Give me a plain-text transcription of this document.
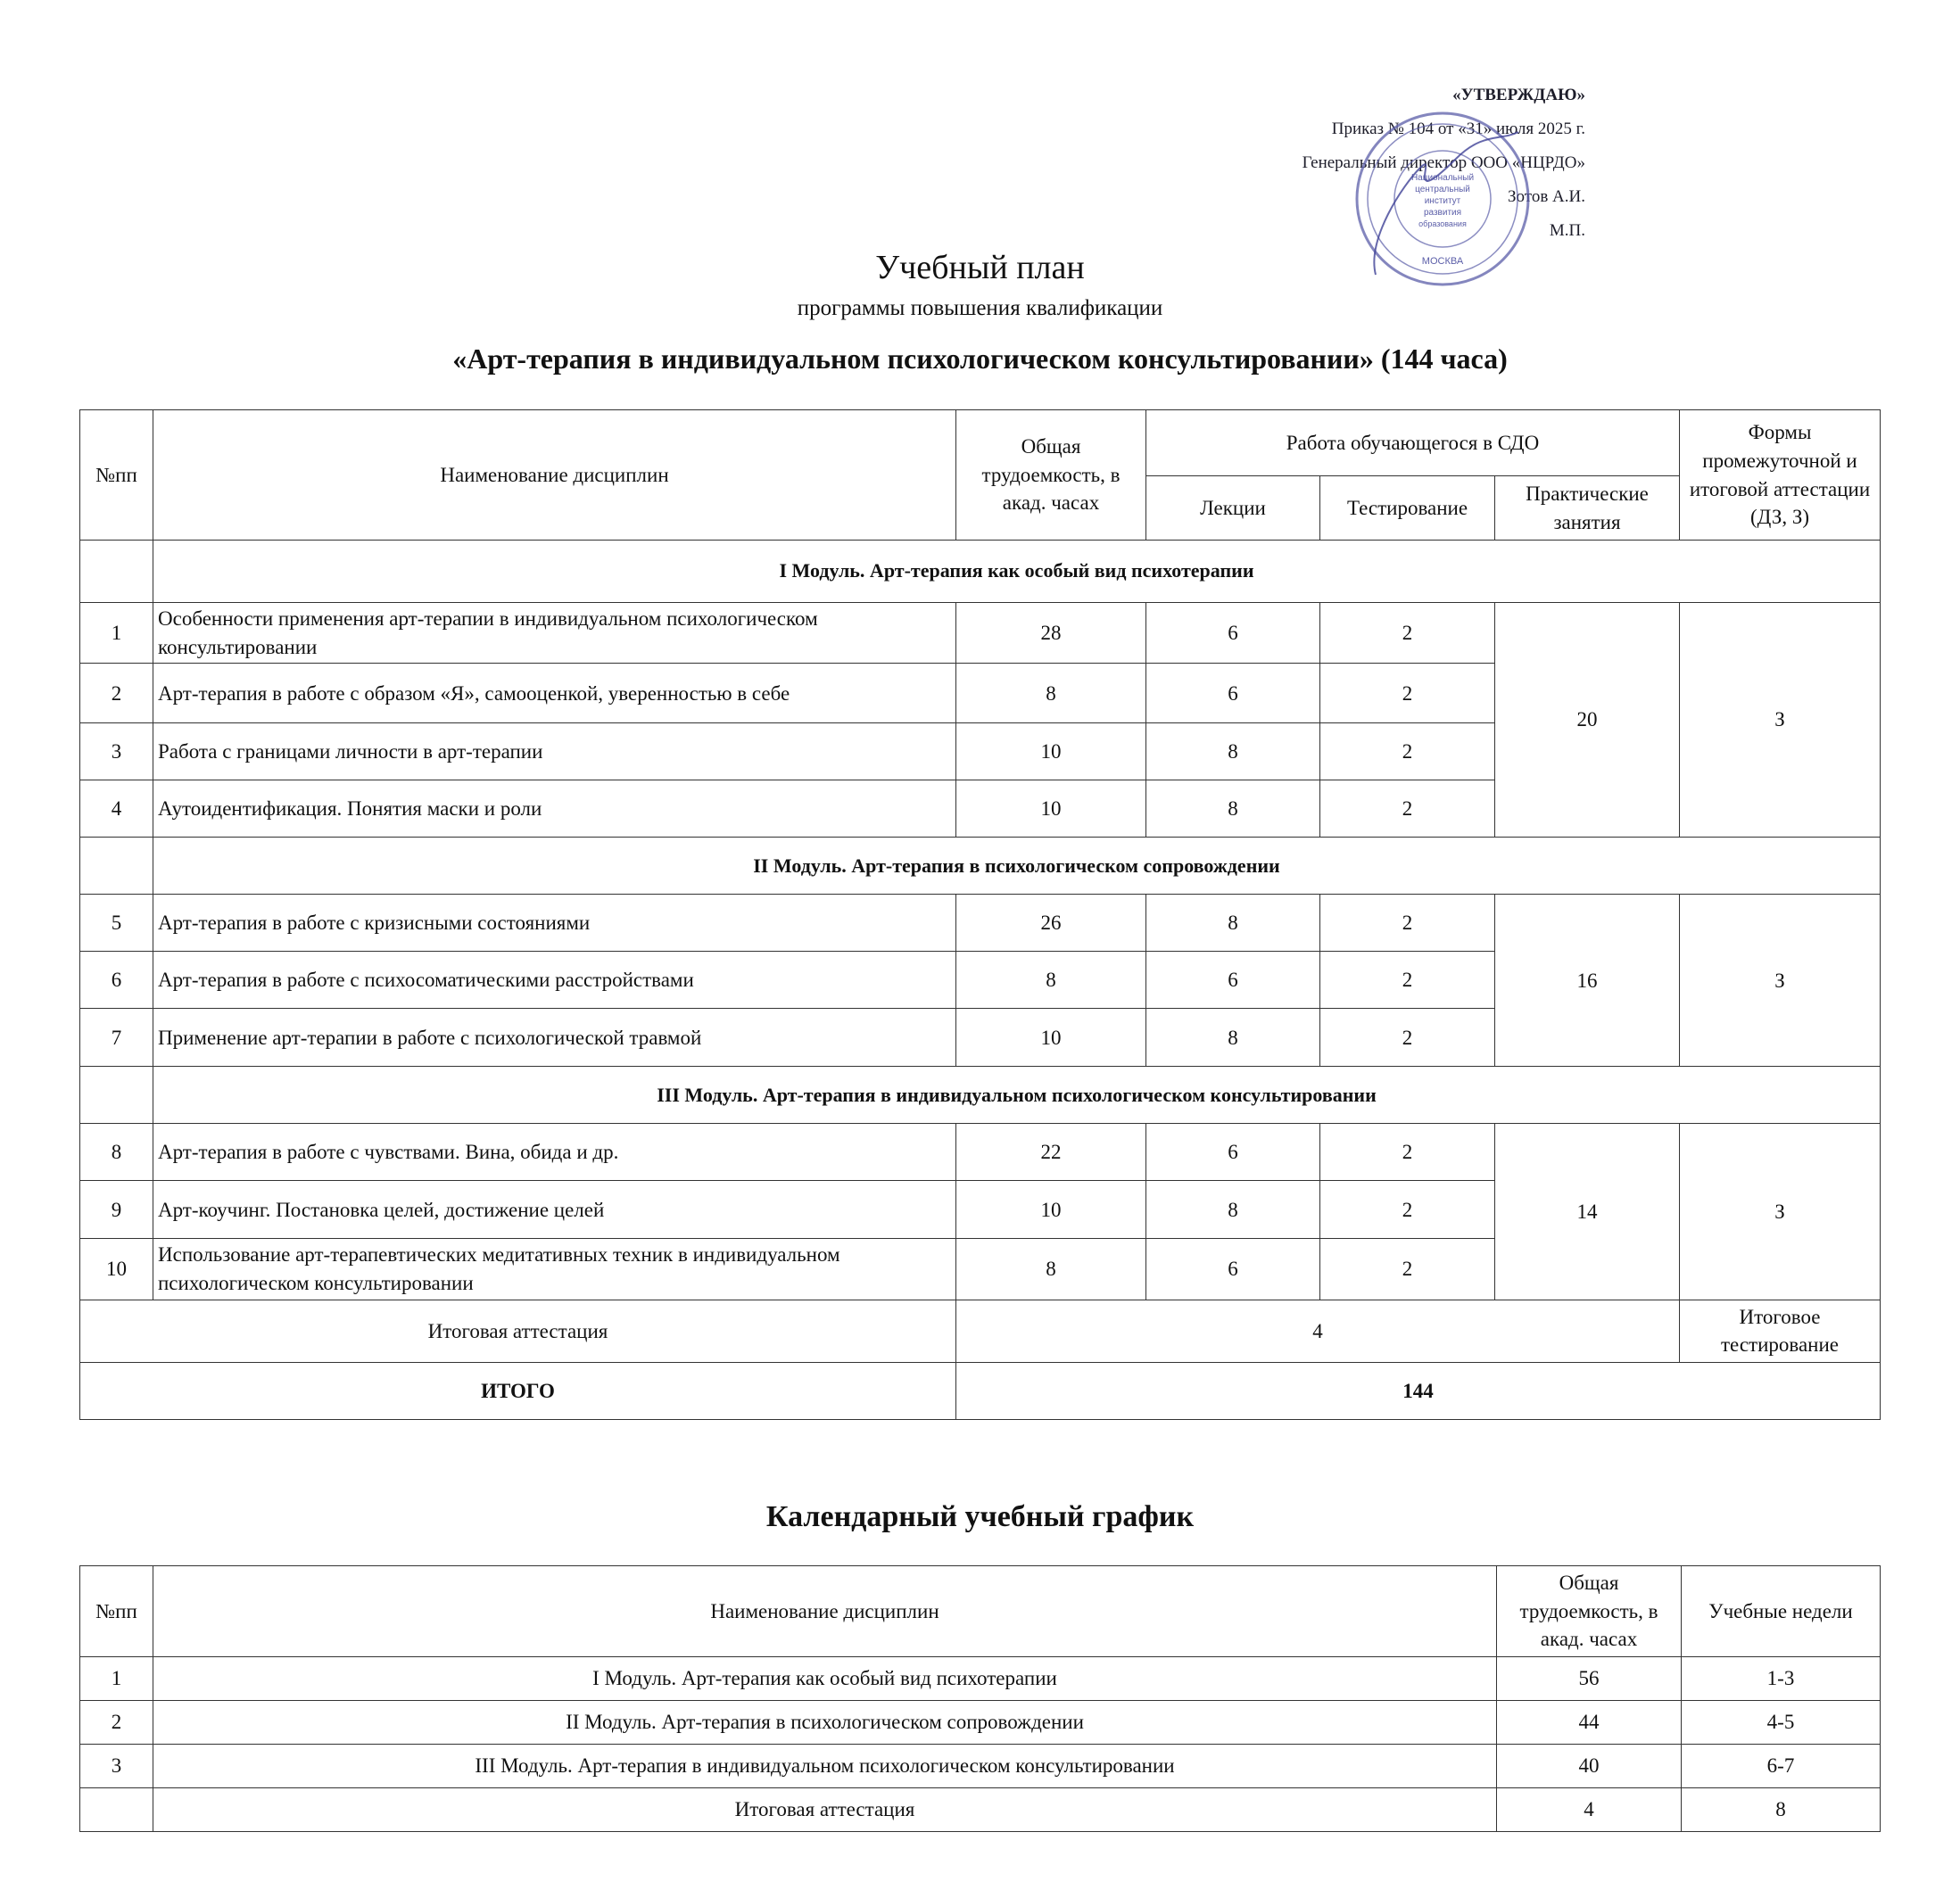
«УТВЕРЖДАЮ»
Приказ № 104 от «31» июля 2025 г.
Генеральный директор ООО «НЦРДО»
Зотов А.И.
М.П.
Национальный
центральный
институт
развития
образования
МОСКВА
Учебный план
программы повышения квалификации
«Арт-терапия в индивидуальном психологическом консультировании» (144 часа)
№пп	Наименование дисциплин	Общая трудоемкость, в акад. часах	Работа обучающегося в СДО			Формы промежуточной и итоговой аттестации (ДЗ, З)
			Лекции	Тестирование	Практические занятия	
	I Модуль. Арт-терапия как особый вид психотерапии					
1	Особенности применения арт-терапии в индивидуальном психологическом консультировании	28	6	2	20	З
2	Арт-терапия в работе с образом «Я», самооценкой, уверенностью в себе	8	6	2		
3	Работа с границами личности в арт-терапии	10	8	2		
4	Аутоидентификация. Понятия маски и роли	10	8	2		
	II Модуль. Арт-терапия в психологическом сопровождении					
5	Арт-терапия в работе с кризисными состояниями	26	8	2	16	З
6	Арт-терапия в работе с психосоматическими расстройствами	8	6	2		
7	Применение арт-терапии в работе с психологической травмой	10	8	2		
	III Модуль. Арт-терапия в индивидуальном психологическом консультировании					
8	Арт-терапия в работе с чувствами. Вина, обида и др.	22	6	2	14	З
9	Арт-коучинг. Постановка целей, достижение целей	10	8	2		
10	Использование арт-терапевтических медитативных техник в индивидуальном психологическом консультировании	8	6	2		
Итоговая аттестация		4				Итоговое тестирование
ИТОГО		144				
Календарный учебный график
№пп	Наименование дисциплин	Общая трудоемкость, в акад. часах	Учебные недели
1	I Модуль. Арт-терапия как особый вид психотерапии	56	1-3
2	II Модуль. Арт-терапия в психологическом сопровождении	44	4-5
3	III Модуль. Арт-терапия в индивидуальном психологическом консультировании	40	6-7
	Итоговая аттестация	4	8
